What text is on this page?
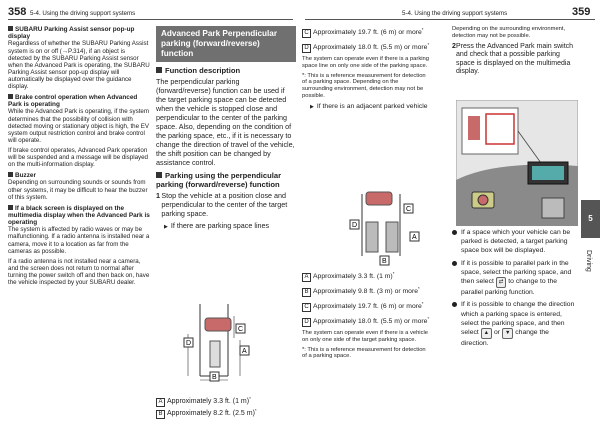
358 5-4. Using the driving support systems	5-4. Using the driving support systems	359
SUBARU Parking Assist sensor pop-up display
Regardless of whether the SUBARU Parking Assist system is on or off (→P.314), if an object is detected by the SUBARU Parking Assist sensor when the Advanced Park is operating, the SUBARU Parking Assist sensor pop-up display will automatically be displayed over the guidance display.
Brake control operation when Advanced Park is operating
While the Advanced Park is operating, if the system determines that the possibility of collision with detected moving or stationary object is high, the EV system output restriction control and brake control will operate.
If brake control operates, Advanced Park operation will be suspended and a message will be displayed on the multi-information display.
Buzzer
Depending on surrounding sounds or sounds from other systems, it may be difficult to hear the buzzer of this system.
If a black screen is displayed on the multimedia display when the Advanced Park is operating
The system is affected by radio waves or may be malfunctioning. If a radio antenna is installed near a camera, move it to a location as far from the cameras as possible.
If a radio antenna is not installed near a camera, and the screen does not return to normal after turning the power switch off and then back on, have the vehicle inspected by your SUBARU dealer.
Advanced Park Perpendicular parking (forward/reverse) function
Function description
The perpendicular parking (forward/reverse) function can be used if the target parking space can be detected when the vehicle is stopped close and perpendicular to the center of the parking space. Also, depending on the condition of the parking space, etc., if it is necessary to change the direction of travel of the vehicle, the shift position can be changed by assistance control.
Parking using the perpendicular parking (forward/reverse) function
1 Stop the vehicle at a position close and perpendicular to the center of the target parking space.
▶ If there are parking space lines
C
A
D
B
A Approximately 3.3 ft. (1 m)*
B Approximately 8.2 ft. (2.5 m)*
C Approximately 19.7 ft. (6 m) or more*
D Approximately 18.0 ft. (5.5 m) or more*
The system can operate even if there is a parking space line on only one side of the parking space.
*: This is a reference measurement for detection of a parking space. Depending on the surrounding environment, detection may not be possible.
▶ If there is an adjacent parked vehicle
C
A
D
B
A Approximately 3.3 ft. (1 m)*
B Approximately 9.8 ft. (3 m) or more*
C Approximately 19.7 ft. (6 m) or more*
D Approximately 18.0 ft. (5.5 m) or more*
The system can operate even if there is a vehicle on only one side of the target parking space.
*: This is a reference measurement for detection of a parking space.
Depending on the surrounding environment, detection may not be possible.
2 Press the Advanced Park main switch and check that a possible parking space is displayed on the multimedia display.
If a space which your vehicle can be parked is detected, a target parking space box will be displayed.
If it is possible to parallel park in the space, select the parking space, and then select ⇄ to change to the parallel parking function.
If it is possible to change the direction which a parking space is entered, select the parking space, and then select ▲ or ▼ change the direction.
5
Driving
